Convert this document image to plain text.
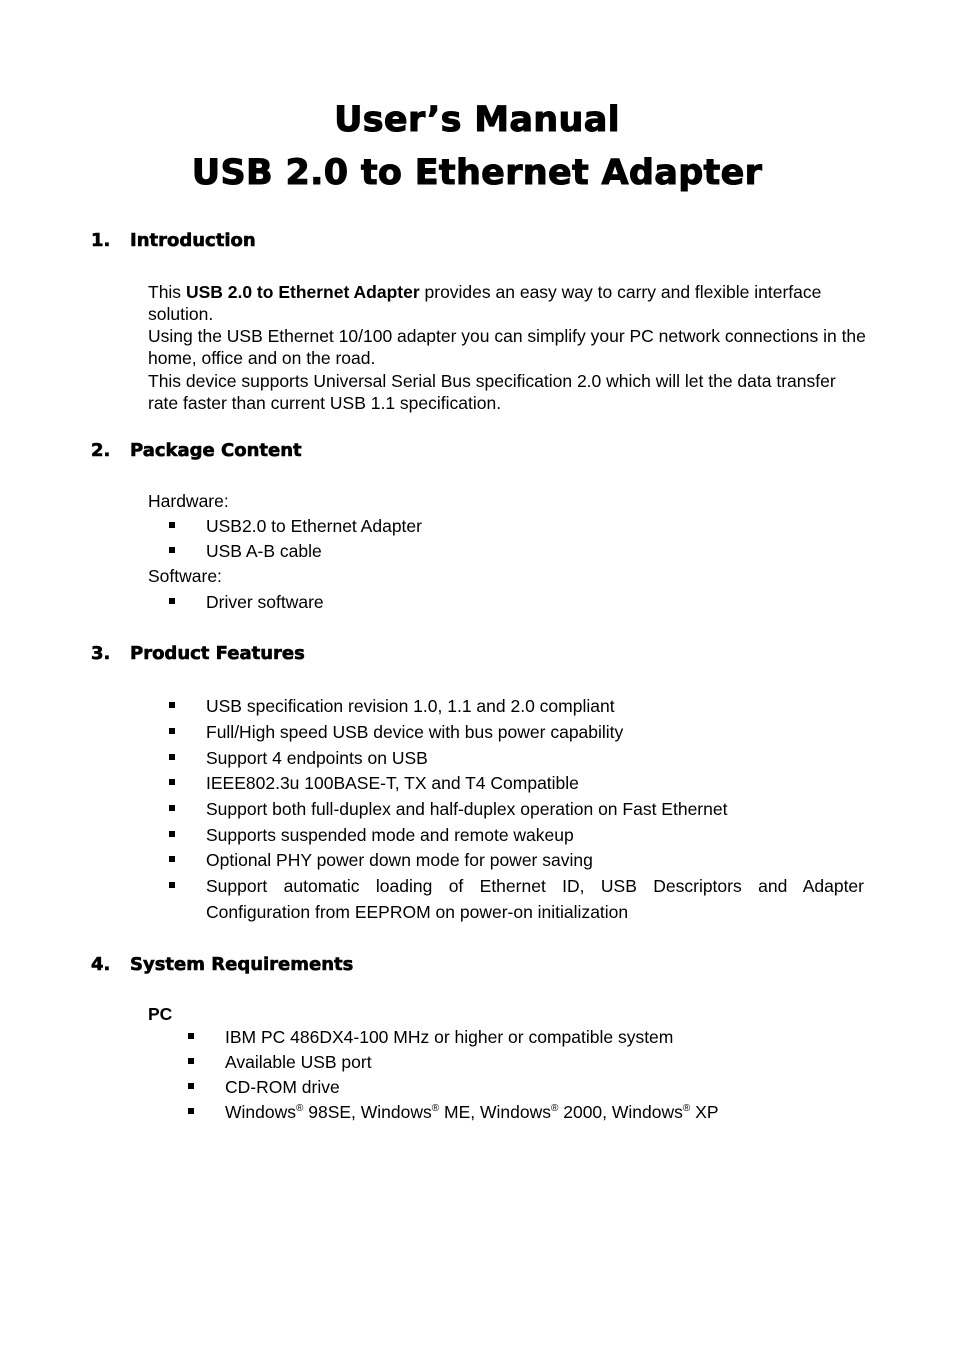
User’s Manual
USB 2.0 to Ethernet Adapter
1. Introduction
This USB 2.0 to Ethernet Adapter provides an easy way to carry and flexible interface solution.
Using the USB Ethernet 10/100 adapter you can simplify your PC network connections in the home, office and on the road.
This device supports Universal Serial Bus specification 2.0 which will let the data transfer rate faster than current USB 1.1 specification.
2. Package Content
Hardware:
USB2.0 to Ethernet Adapter
USB A-B cable
Software:
Driver software
3. Product Features
USB specification revision 1.0, 1.1 and 2.0 compliant
Full/High speed USB device with bus power capability
Support 4 endpoints on USB
IEEE802.3u 100BASE-T, TX and T4 Compatible
Support both full-duplex and half-duplex operation on Fast Ethernet
Supports suspended mode and remote wakeup
Optional PHY power down mode for power saving
Support automatic loading of Ethernet ID, USB Descriptors and Adapter
Configuration from EEPROM on power-on initialization
4. System Requirements
PC
IBM PC 486DX4-100 MHz or higher or compatible system
Available USB port
CD-ROM drive
Windows® 98SE, Windows® ME, Windows® 2000, Windows® XP
